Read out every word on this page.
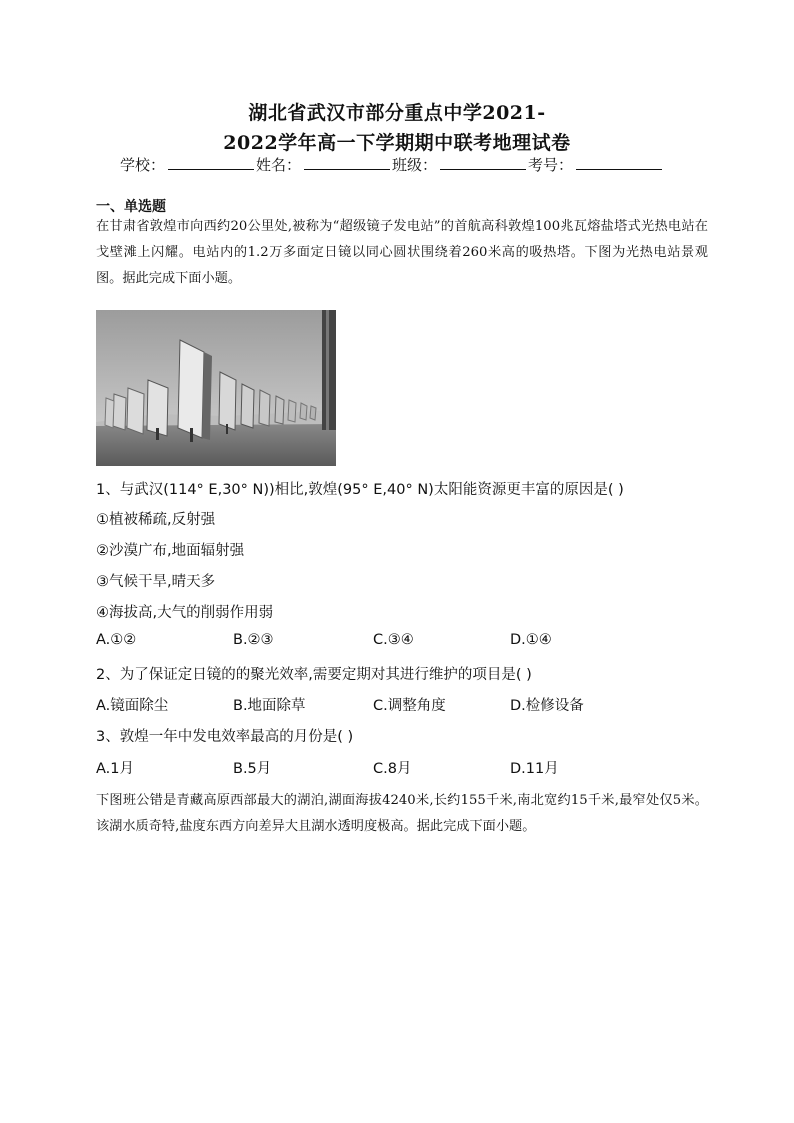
湖北省武汉市部分重点中学2021-
2022学年高一下学期期中联考地理试卷
学校：	姓名：	班级：	考号：
一、单选题
在甘肃省敦煌市向西约20公里处,被称为“超级镜子发电站”的首航高科敦煌100兆瓦熔盐塔式光热电站在戈壁滩上闪耀。电站内的1.2万多面定日镜以同心圆状围绕着260米高的吸热塔。下图为光热电站景观图。据此完成下面小题。
1、与武汉(114° E,30° N))相比,敦煌(95° E,40° N)太阳能资源更丰富的原因是( )
①植被稀疏,反射强
②沙漠广布,地面辐射强
③气候干旱,晴天多
④海拔高,大气的削弱作用弱
A.①②	B.②③	C.③④	D.①④
2、为了保证定日镜的的聚光效率,需要定期对其进行维护的项目是( )
A.镜面除尘	B.地面除草	C.调整角度	D.检修设备
3、敦煌一年中发电效率最高的月份是( )
A.1月	B.5月	C.8月	D.11月
下图班公错是青藏高原西部最大的湖泊,湖面海拔4240米,长约155千米,南北宽约15千米,最窄处仅5米。该湖水质奇特,盐度东西方向差异大且湖水透明度极高。据此完成下面小题。
